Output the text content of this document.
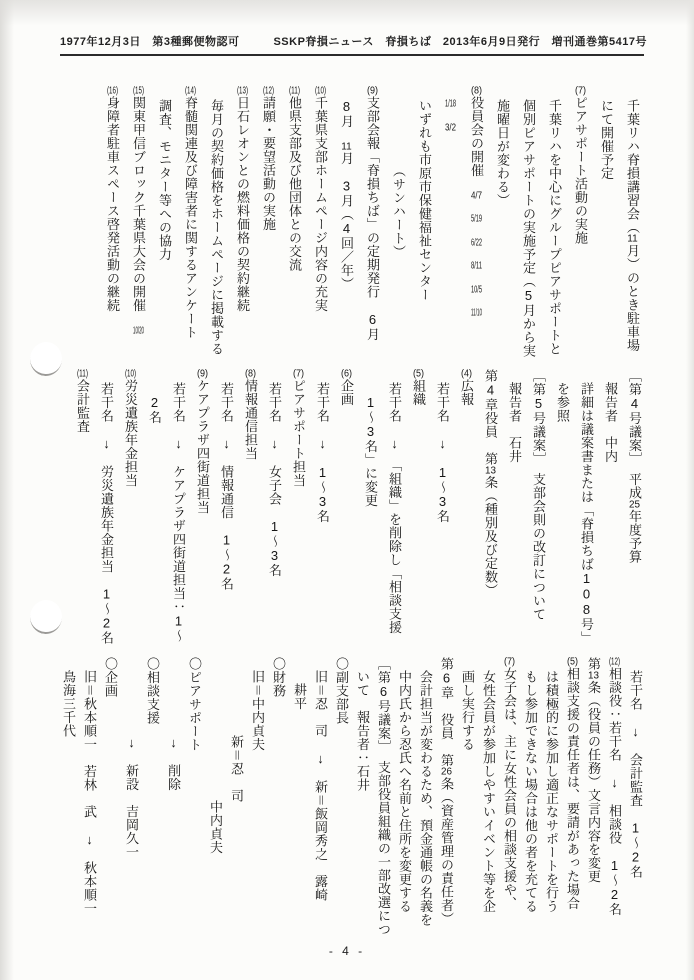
1977年12月3日　第3種郵便物認可	SSKP脊損ニュース　脊損ちば　2013年6月9日発行　増刊通巻第5417号
千葉リハ脊損講習会（11月）のとき駐車場
にて開催予定
(7)ピアサポート活動の実施
千葉リハを中心にグループピアサポートと
個別ピアサポートの実施予定（5月から実
施曜日が変わる）
(8)役員会の開催　4/7　5/19　6/22　8/11　10/5　11/10
1/18　3/2
いずれも市原市保健福祉センター
（サンハート）
(9)支部会報「脊損ちば」の定期発行　6月
8月　11月　3月（4回／年）
(10)千葉県支部ホームページ内容の充実
(11)他県支部及び他団体との交流
(12)請願・要望活動の実施
(13)日石レオンとの燃料価格の契約継続
毎月の契約価格をホームページに掲載する
(14)脊髄関連及び障害者に関するアンケート
調査、モニター等への協力
(15)関東甲信ブロック千葉県大会の開催　10/20
(16)身障者駐車スペース啓発活動の継続
［第4号議案］　平成25年度予算
報告者　中内
詳細は議案書または「脊損ちば108号」
を参照
［第5号議案］　支部会則の改訂について
報告者　石井
第4章役員　第13条（種別及び定数）
(4)広報
若干名　↓　1～3名
(5)組織
若干名　↓　「組織」を削除し「相談支援
1～3名」に変更
(6)企画
若干名　↓　1～3名
(7)ピアサポート担当
若干名　↓　女子会　1～3名
(8)情報通信担当
若干名　↓　情報通信　1～2名
(9)ケアプラザ四街道担当
若干名　↓　ケアプラザ四街道担当：1～
2名
(10)労災遺族年金担当
若干名　↓　労災遺族年金担当　1～2名
(11)会計監査
若干名　↓　会計監査　1～2名
(12)相談役：若干名　↓　相談役　1～2名
第13条（役員の任務）文言内容を変更
(5)相談支援の責任者は、要請があった場合
は積極的に参加し適正なサポートを行う
もし参加できない場合は他の者を充てる
(7)女子会は、主に女性会員の相談支援や、
女性会員が参加しやすいイベント等を企
画し実行する
第6章　役員　第26条（資産管理の責任者）
会計担当が変わるため、預金通帳の名義を
中内氏から忍氏へ名前と住所を変更する
［第6号議案］　支部役員組織の一部改選につ
いて　報告者：石井
〇副支部長
旧＝忍　司　↓　新＝飯岡秀之　露崎
耕平
〇財務
旧＝中内貞夫
新＝忍　司
中内貞夫
〇ピアサポート
↓　削除
〇相談支援
↓　新設　吉岡久一
〇企画
旧＝秋本順一　若林　武　↓　秋本順一
鳥海三千代
- 4 -
